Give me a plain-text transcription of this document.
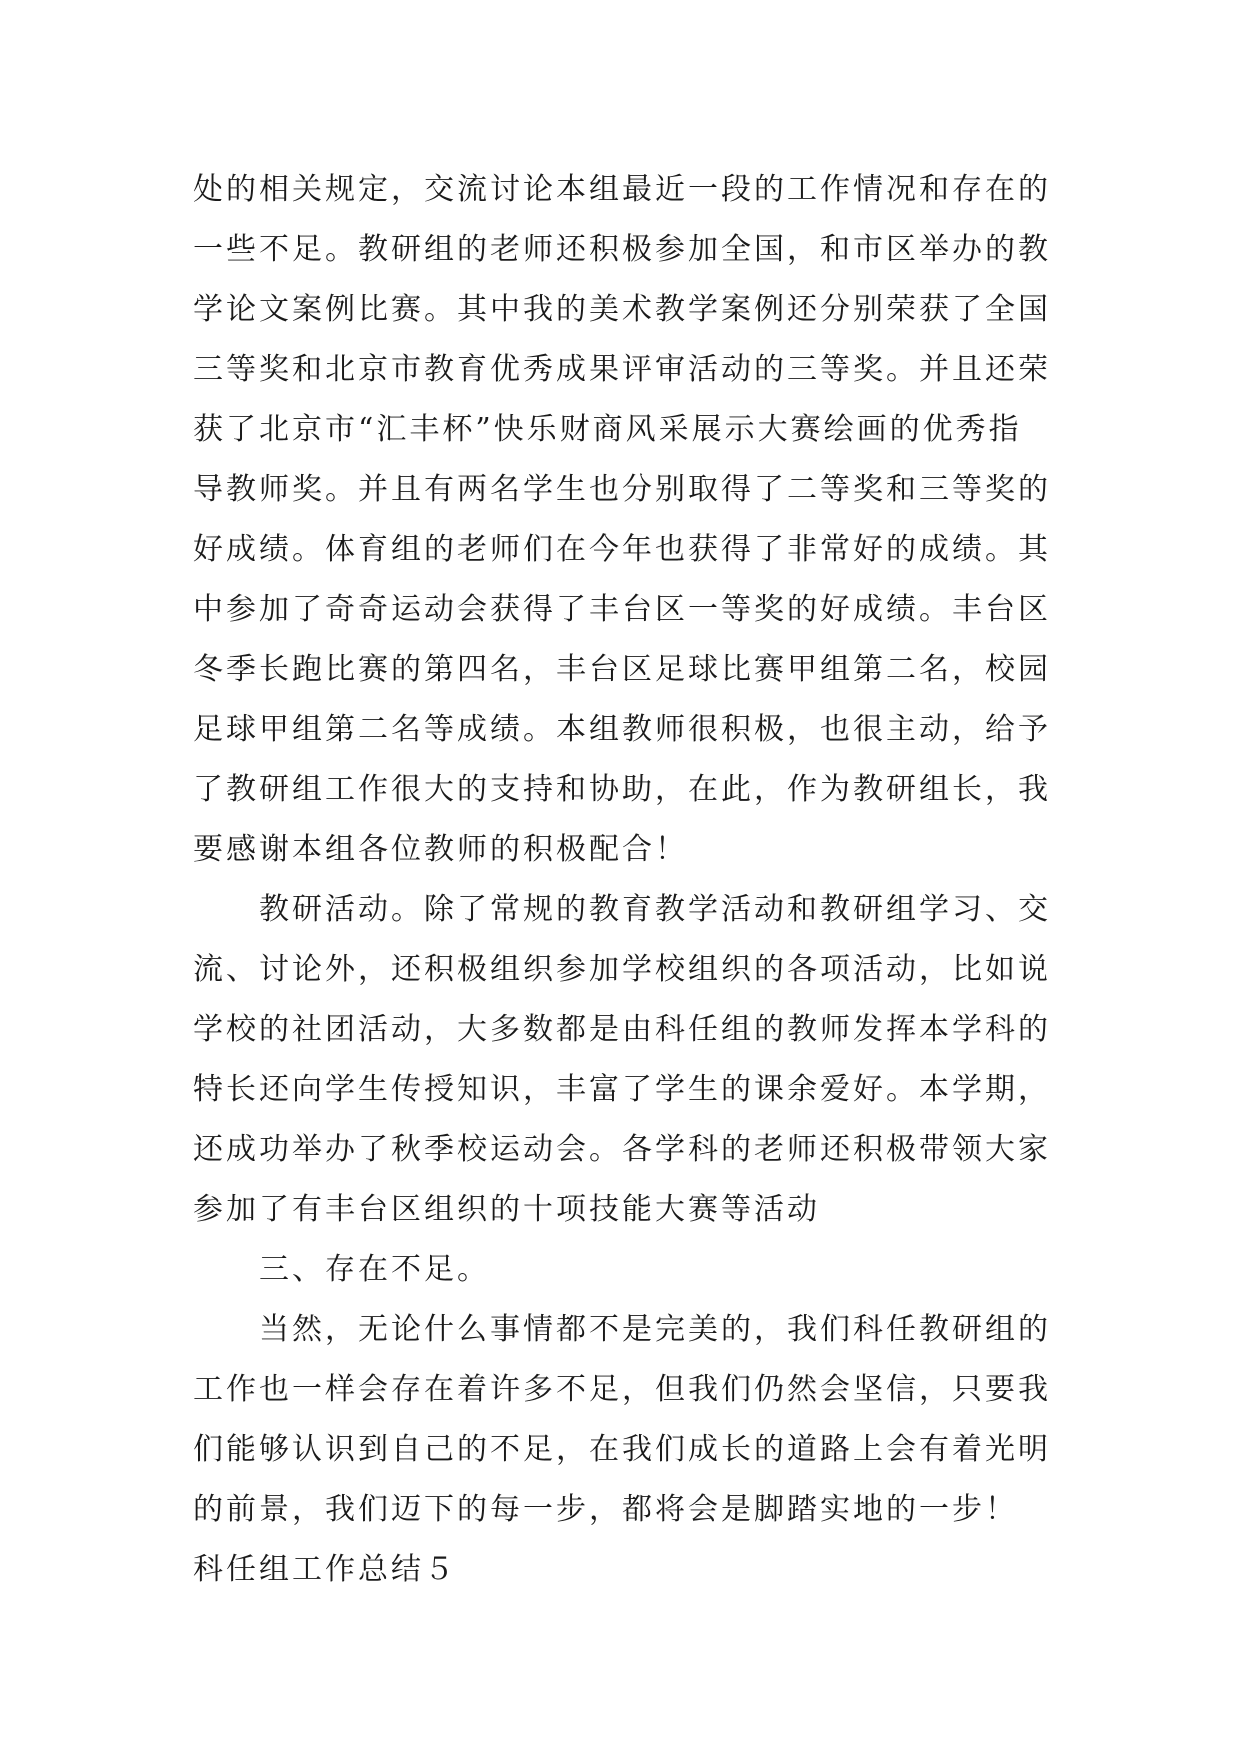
处的相关规定，交流讨论本组最近一段的工作情况和存在的
一些不足。教研组的老师还积极参加全国，和市区举办的教
学论文案例比赛。其中我的美术教学案例还分别荣获了全国
三等奖和北京市教育优秀成果评审活动的三等奖。并且还荣
获了北京市“汇丰杯”快乐财商风采展示大赛绘画的优秀指
导教师奖。并且有两名学生也分别取得了二等奖和三等奖的
好成绩。体育组的老师们在今年也获得了非常好的成绩。其
中参加了奇奇运动会获得了丰台区一等奖的好成绩。丰台区
冬季长跑比赛的第四名，丰台区足球比赛甲组第二名，校园
足球甲组第二名等成绩。本组教师很积极，也很主动，给予
了教研组工作很大的支持和协助，在此，作为教研组长，我
要感谢本组各位教师的积极配合！
教研活动。除了常规的教育教学活动和教研组学习、交
流、讨论外，还积极组织参加学校组织的各项活动，比如说
学校的社团活动，大多数都是由科任组的教师发挥本学科的
特长还向学生传授知识，丰富了学生的课余爱好。本学期，
还成功举办了秋季校运动会。各学科的老师还积极带领大家
参加了有丰台区组织的十项技能大赛等活动
三、存在不足。
当然，无论什么事情都不是完美的，我们科任教研组的
工作也一样会存在着许多不足，但我们仍然会坚信，只要我
们能够认识到自己的不足，在我们成长的道路上会有着光明
的前景，我们迈下的每一步，都将会是脚踏实地的一步！
科任组工作总结５
